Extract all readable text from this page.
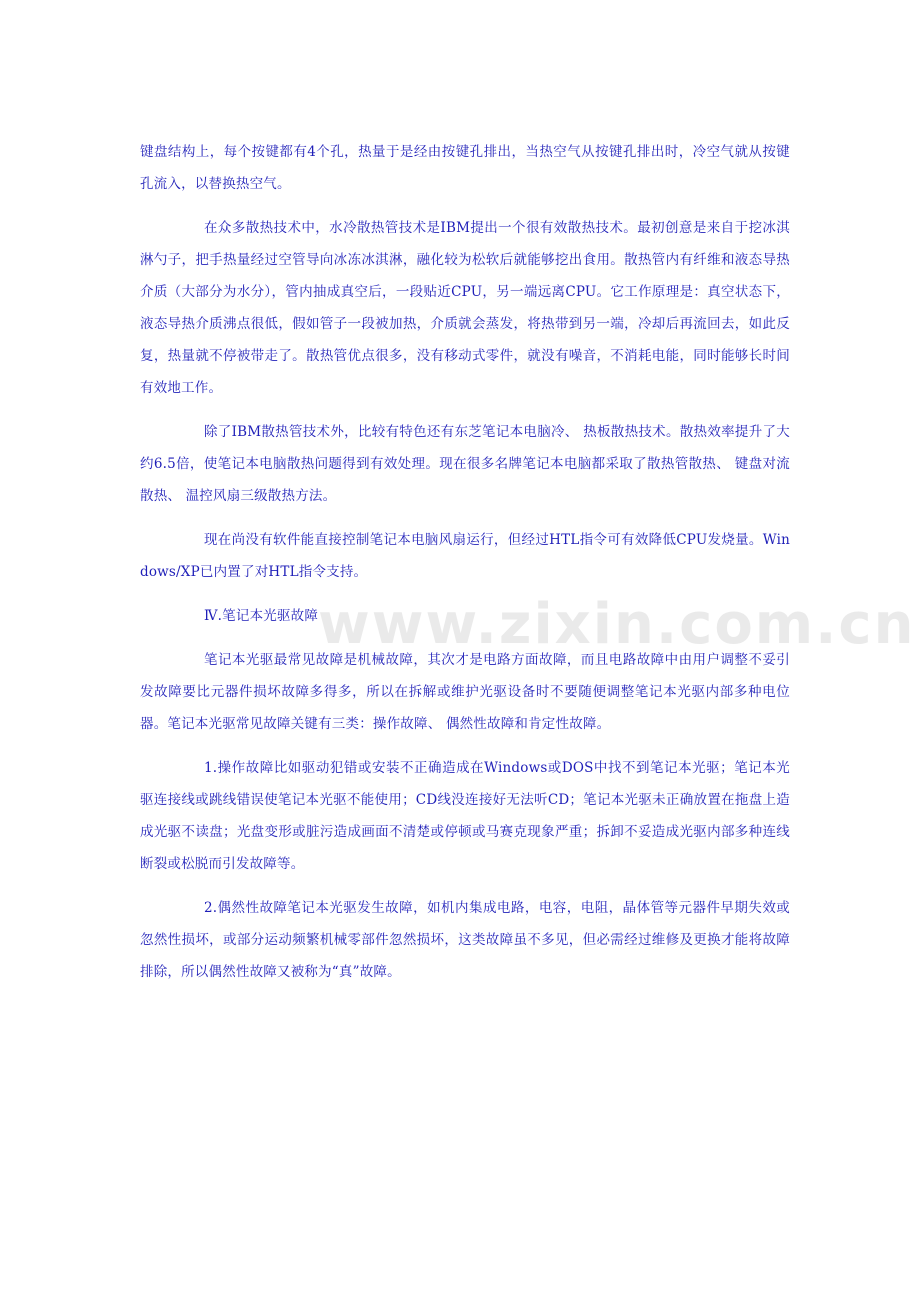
www.zixin.com.cn

键盘结构上，每个按键都有4个孔，热量于是经由按键孔排出，当热空气从按键孔排出时，冷空气就从按键孔流入，以替换热空气。

在众多散热技术中，水冷散热管技术是IBM提出一个很有效散热技术。最初创意是来自于挖冰淇淋勺子，把手热量经过空管导向冰冻冰淇淋，融化较为松软后就能够挖出食用。散热管内有纤维和液态导热介质（大部分为水分），管内抽成真空后，一段贴近CPU，另一端远离CPU。它工作原理是：真空状态下，液态导热介质沸点很低，假如管子一段被加热，介质就会蒸发，将热带到另一端，冷却后再流回去，如此反复，热量就不停被带走了。散热管优点很多，没有移动式零件，就没有噪音，不消耗电能，同时能够长时间有效地工作。

除了IBM散热管技术外，比较有特色还有东芝笔记本电脑冷、 热板散热技术。散热效率提升了大约6.5倍，使笔记本电脑散热问题得到有效处理。现在很多名牌笔记本电脑都采取了散热管散热、 键盘对流散热、 温控风扇三级散热方法。

现在尚没有软件能直接控制笔记本电脑风扇运行，但经过HTL指令可有效降低CPU发烧量。Windows/XP已内置了对HTL指令支持。

Ⅳ.笔记本光驱故障

笔记本光驱最常见故障是机械故障，其次才是电路方面故障，而且电路故障中由用户调整不妥引发故障要比元器件损坏故障多得多，所以在拆解或维护光驱设备时不要随便调整笔记本光驱内部多种电位器。笔记本光驱常见故障关键有三类：操作故障、 偶然性故障和肯定性故障。

1.操作故障比如驱动犯错或安装不正确造成在Windows或DOS中找不到笔记本光驱；笔记本光驱连接线或跳线错误使笔记本光驱不能使用；CD线没连接好无法听CD；笔记本光驱未正确放置在拖盘上造成光驱不读盘；光盘变形或脏污造成画面不清楚或停顿或马赛克现象严重；拆卸不妥造成光驱内部多种连线断裂或松脱而引发故障等。

2.偶然性故障笔记本光驱发生故障，如机内集成电路，电容，电阻，晶体管等元器件早期失效或忽然性损坏，或部分运动频繁机械零部件忽然损坏，这类故障虽不多见，但必需经过维修及更换才能将故障排除，所以偶然性故障又被称为“真”故障。
